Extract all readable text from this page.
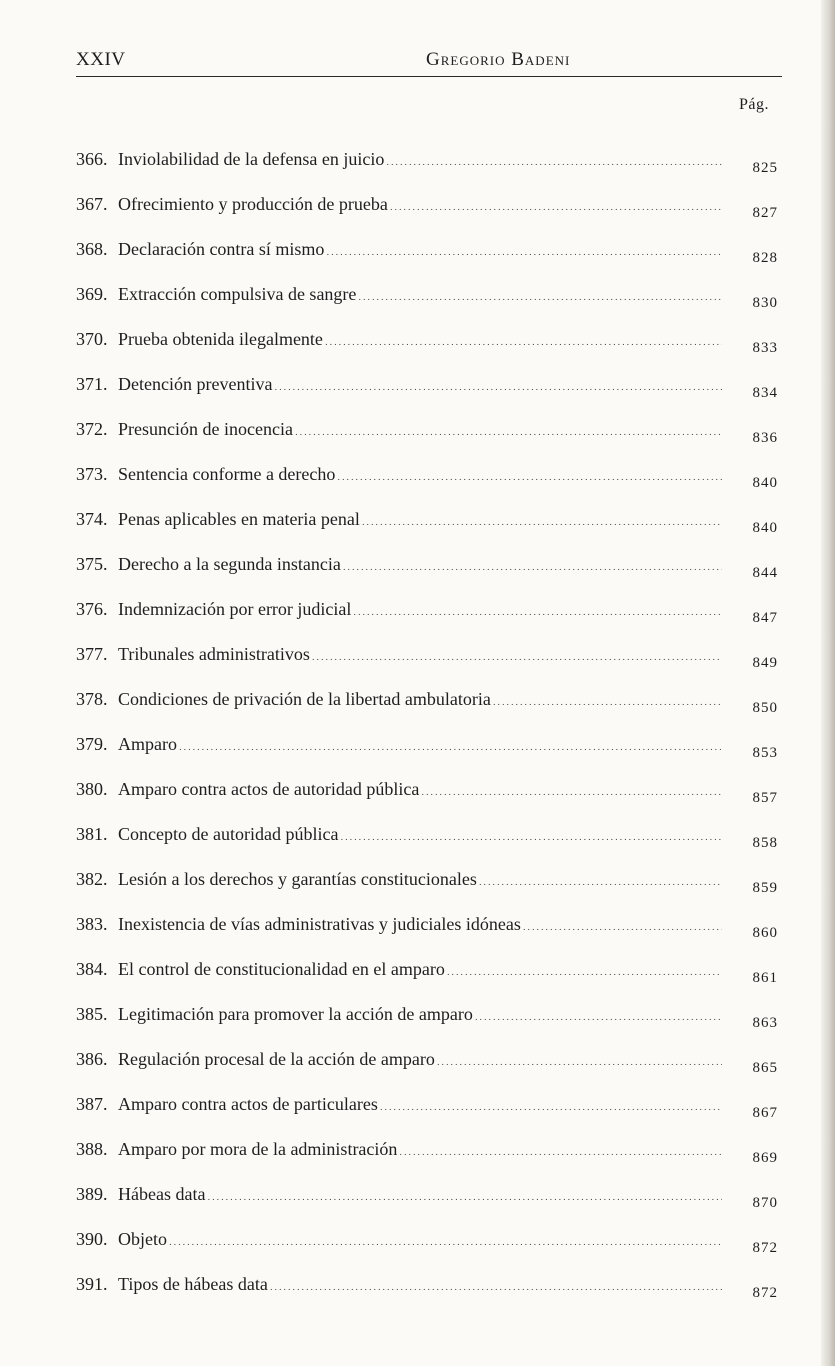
XXIV	Gregorio Badeni
Pág.
366. Inviolabilidad de la defensa en juicio . . .	825
367. Ofrecimiento y producción de prueba . . .	827
368. Declaración contra sí mismo . . .	828
369. Extracción compulsiva de sangre . . .	830
370. Prueba obtenida ilegalmente . . .	833
371. Detención preventiva . . .	834
372. Presunción de inocencia . . .	836
373. Sentencia conforme a derecho . . .	840
374. Penas aplicables en materia penal . . .	840
375. Derecho a la segunda instancia . . .	844
376. Indemnización por error judicial . . .	847
377. Tribunales administrativos . . .	849
378. Condiciones de privación de la libertad ambulatoria . . .	850
379. Amparo . . .	853
380. Amparo contra actos de autoridad pública . . .	857
381. Concepto de autoridad pública . . .	858
382. Lesión a los derechos y garantías constitucionales . . .	859
383. Inexistencia de vías administrativas y judiciales idóneas . . .	860
384. El control de constitucionalidad en el amparo . . .	861
385. Legitimación para promover la acción de amparo . . .	863
386. Regulación procesal de la acción de amparo . . .	865
387. Amparo contra actos de particulares . . .	867
388. Amparo por mora de la administración . . .	869
389. Hábeas data . . .	870
390. Objeto . . .	872
391. Tipos de hábeas data . . .	872
